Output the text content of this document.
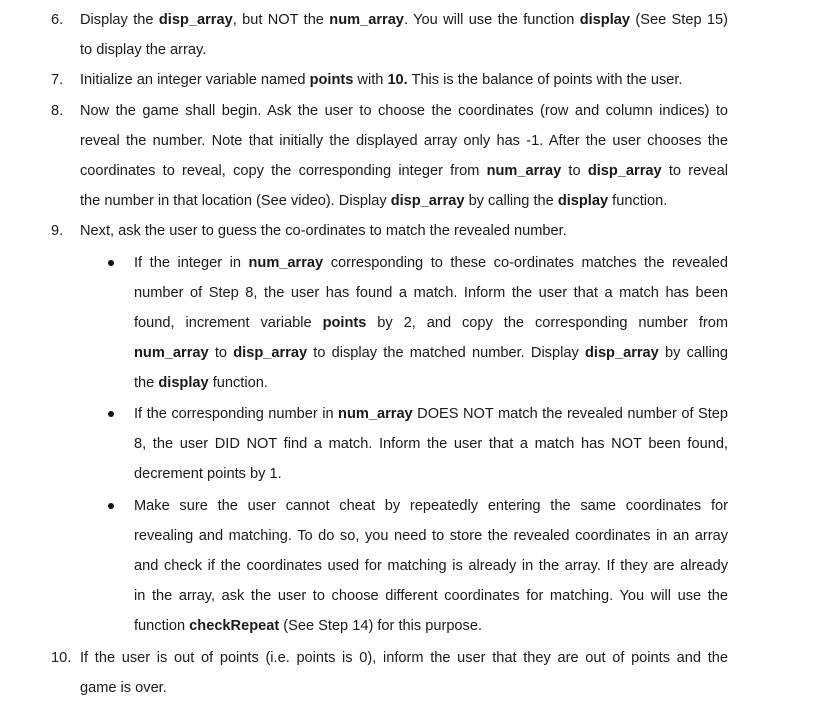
6. Display the disp_array, but NOT the num_array. You will use the function display (See Step 15)
to display the array.
7. Initialize an integer variable named points with 10. This is the balance of points with the user.
8. Now the game shall begin. Ask the user to choose the coordinates (row and column indices) to
reveal the number. Note that initially the displayed array only has -1. After the user chooses the
coordinates to reveal, copy the corresponding integer from num_array to disp_array to reveal
the number in that location (See video). Display disp_array by calling the display function.
9. Next, ask the user to guess the co-ordinates to match the revealed number.
If the integer in num_array corresponding to these co-ordinates matches the revealed
number of Step 8, the user has found a match. Inform the user that a match has been
found, increment variable points by 2, and copy the corresponding number from
num_array to disp_array to display the matched number. Display disp_array by calling
the display function.
If the corresponding number in num_array DOES NOT match the revealed number of Step
8, the user DID NOT find a match. Inform the user that a match has NOT been found,
decrement points by 1.
Make sure the user cannot cheat by repeatedly entering the same coordinates for
revealing and matching. To do so, you need to store the revealed coordinates in an array
and check if the coordinates used for matching is already in the array. If they are already
in the array, ask the user to choose different coordinates for matching. You will use the
function checkRepeat (See Step 14) for this purpose.
10. If the user is out of points (i.e. points is 0), inform the user that they are out of points and the
game is over.
